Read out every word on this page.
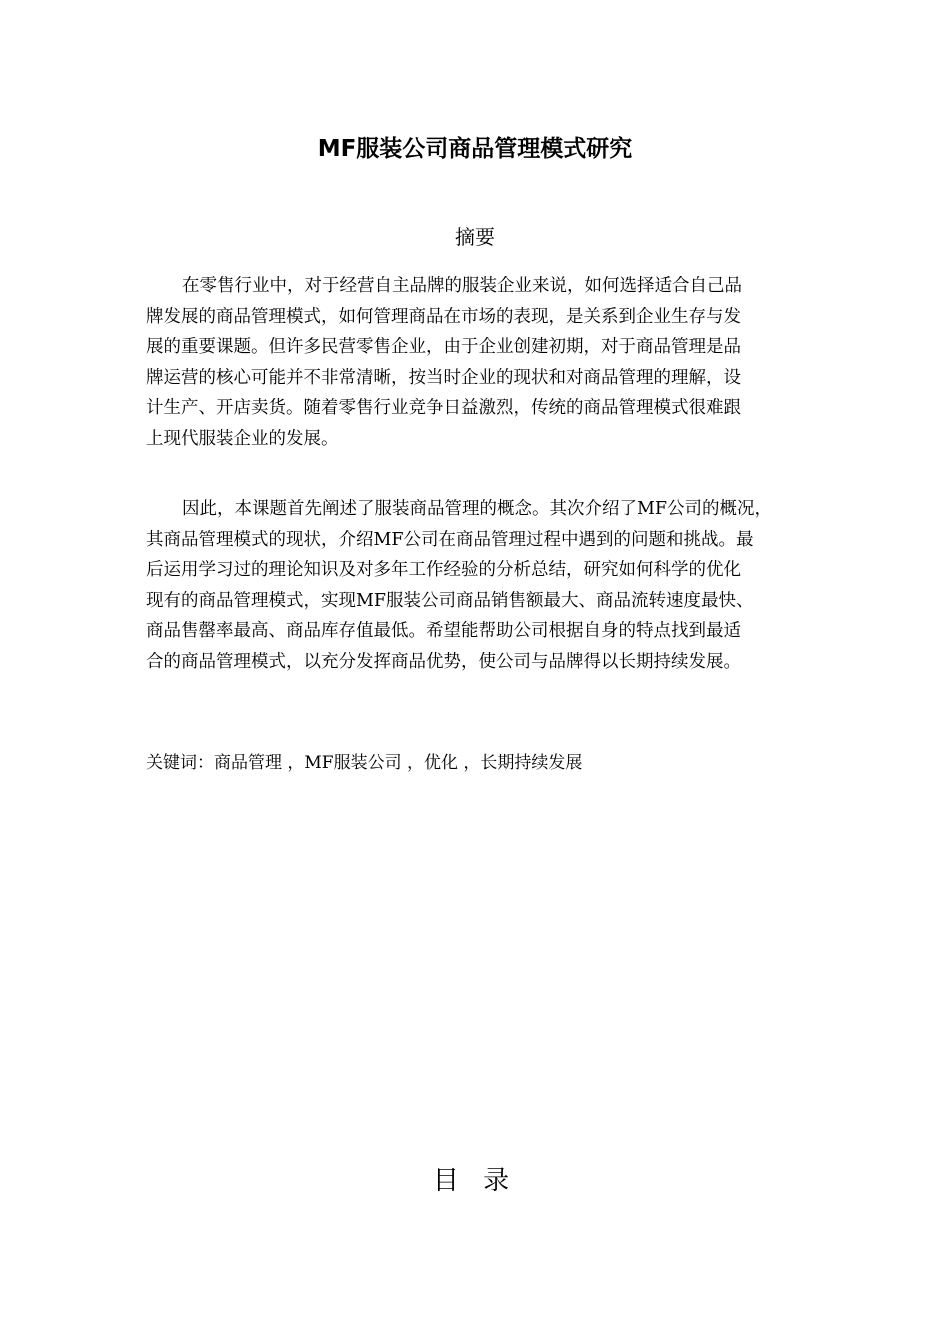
MF服装公司商品管理模式研究
摘要
在零售行业中，对于经营自主品牌的服装企业来说，如何选择适合自己品
牌发展的商品管理模式，如何管理商品在市场的表现，是关系到企业生存与发
展的重要课题。但许多民营零售企业，由于企业创建初期，对于商品管理是品
牌运营的核心可能并不非常清晰，按当时企业的现状和对商品管理的理解，设
计生产、开店卖货。随着零售行业竞争日益激烈，传统的商品管理模式很难跟
上现代服装企业的发展。
因此，本课题首先阐述了服装商品管理的概念。其次介绍了MF公司的概况，
其商品管理模式的现状，介绍MF公司在商品管理过程中遇到的问题和挑战。最
后运用学习过的理论知识及对多年工作经验的分析总结，研究如何科学的优化
现有的商品管理模式，实现MF服装公司商品销售额最大、商品流转速度最快、
商品售罄率最高、商品库存值最低。希望能帮助公司根据自身的特点找到最适
合的商品管理模式，以充分发挥商品优势，使公司与品牌得以长期持续发展。
关键词：商品管理 ，MF服装公司 ，优化 ，长期持续发展
目 录
